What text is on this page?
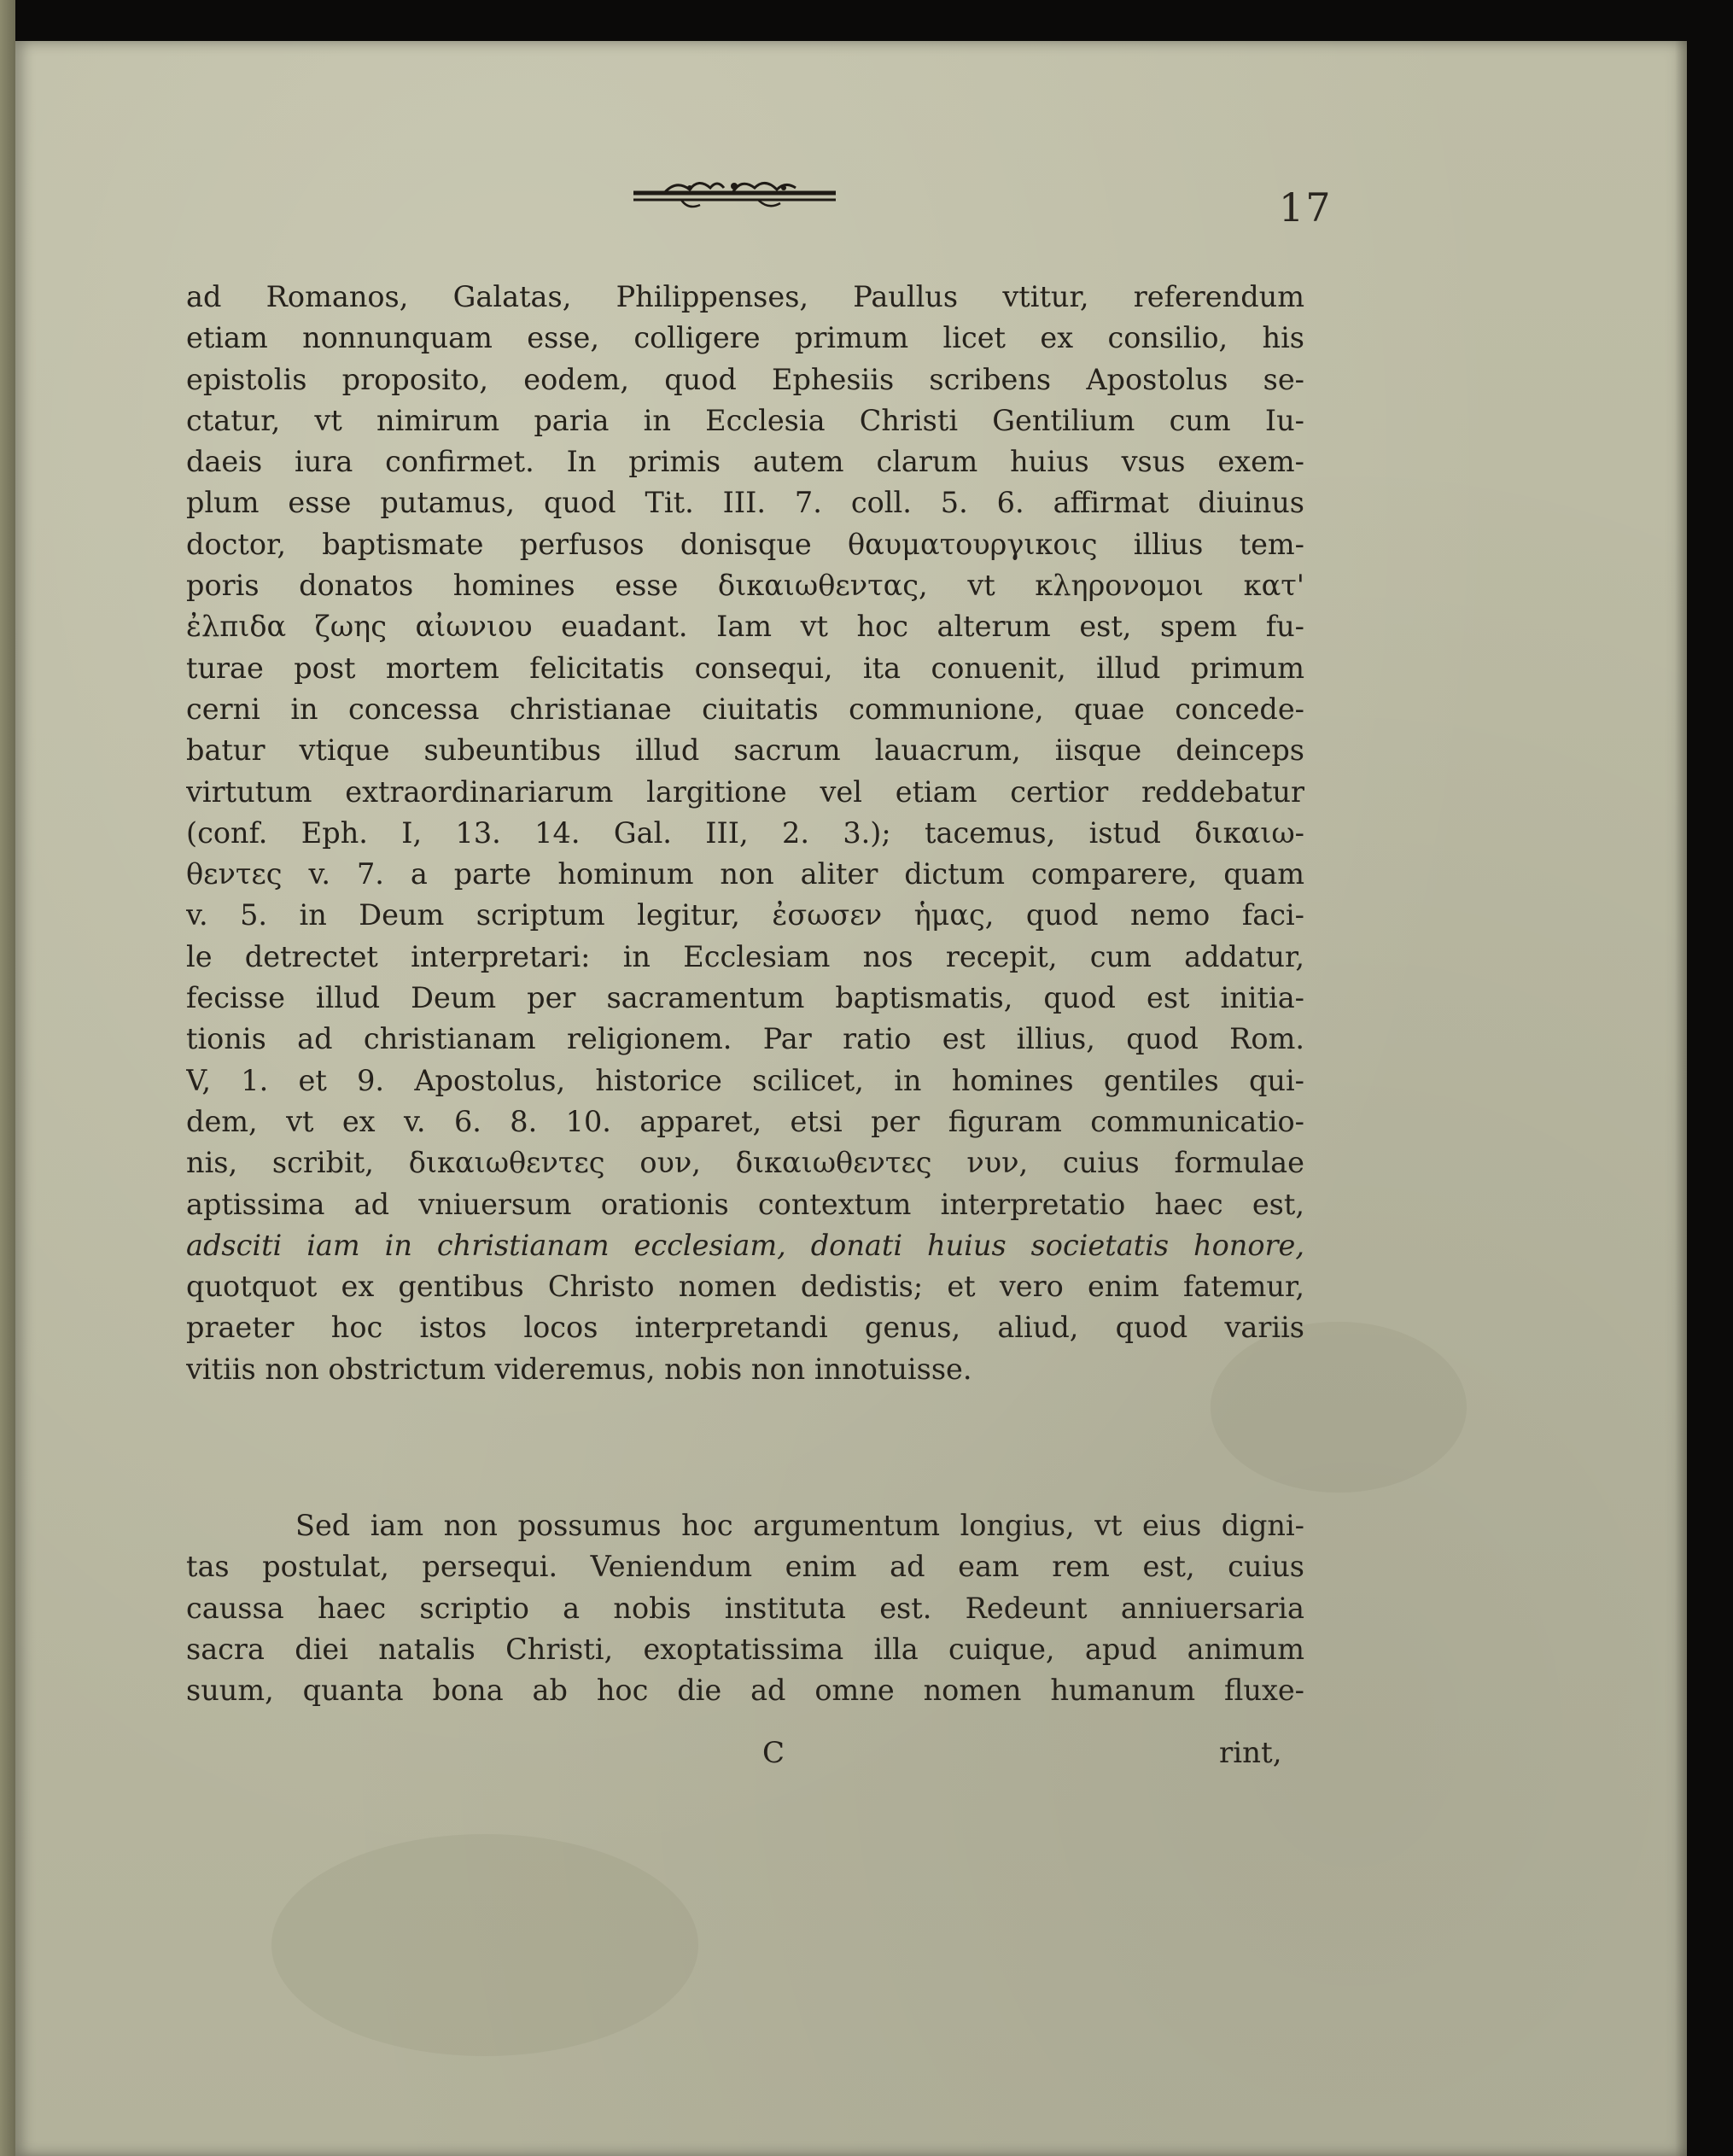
17
ad Romanos, Galatas, Philippenses, Paullus vtitur, referendum
etiam nonnunquam esse, colligere primum licet ex consilio, his
epistolis proposito, eodem, quod Ephesiis scribens Apostolus se-
ctatur, vt nimirum paria in Ecclesia Christi Gentilium cum Iu-
daeis iura confirmet. In primis autem clarum huius vsus exem-
plum esse putamus, quod Tit. III. 7. coll. 5. 6. affirmat diuinus
doctor, baptismate perfusos donisque θαυματουργικοις illius tem-
poris donatos homines esse δικαιωθεντας, vt κληρονομοι κατ'
ἐλπιδα ζωης αἰωνιου euadant. Iam vt hoc alterum est, spem fu-
turae post mortem felicitatis consequi, ita conuenit, illud primum
cerni in concessa christianae ciuitatis communione, quae concede-
batur vtique subeuntibus illud sacrum lauacrum, iisque deinceps
virtutum extraordinariarum largitione vel etiam certior reddebatur
(conf. Eph. I, 13. 14. Gal. III, 2. 3.); tacemus, istud δικαιω-
θεντες v. 7. a parte hominum non aliter dictum comparere, quam
v. 5. in Deum scriptum legitur, ἐσωσεν ἡμας, quod nemo faci-
le detrectet interpretari: in Ecclesiam nos recepit, cum addatur,
fecisse illud Deum per sacramentum baptismatis, quod est initia-
tionis ad christianam religionem. Par ratio est illius, quod Rom.
V, 1. et 9. Apostolus, historice scilicet, in homines gentiles qui-
dem, vt ex v. 6. 8. 10. apparet, etsi per figuram communicatio-
nis, scribit, δικαιωθεντες ουν, δικαιωθεντες νυν, cuius formulae
aptissima ad vniuersum orationis contextum interpretatio haec est,
adsciti iam in christianam ecclesiam, donati huius societatis honore,
quotquot ex gentibus Christo nomen dedistis; et vero enim fatemur,
praeter hoc istos locos interpretandi genus, aliud, quod variis
vitiis non obstrictum videremus, nobis non innotuisse.
Sed iam non possumus hoc argumentum longius, vt eius digni-
tas postulat, persequi. Veniendum enim ad eam rem est, cuius
caussa haec scriptio a nobis instituta est. Redeunt anniuersaria
sacra diei natalis Christi, exoptatissima illa cuique, apud animum
suum, quanta bona ab hoc die ad omne nomen humanum fluxe-
C	rint,
